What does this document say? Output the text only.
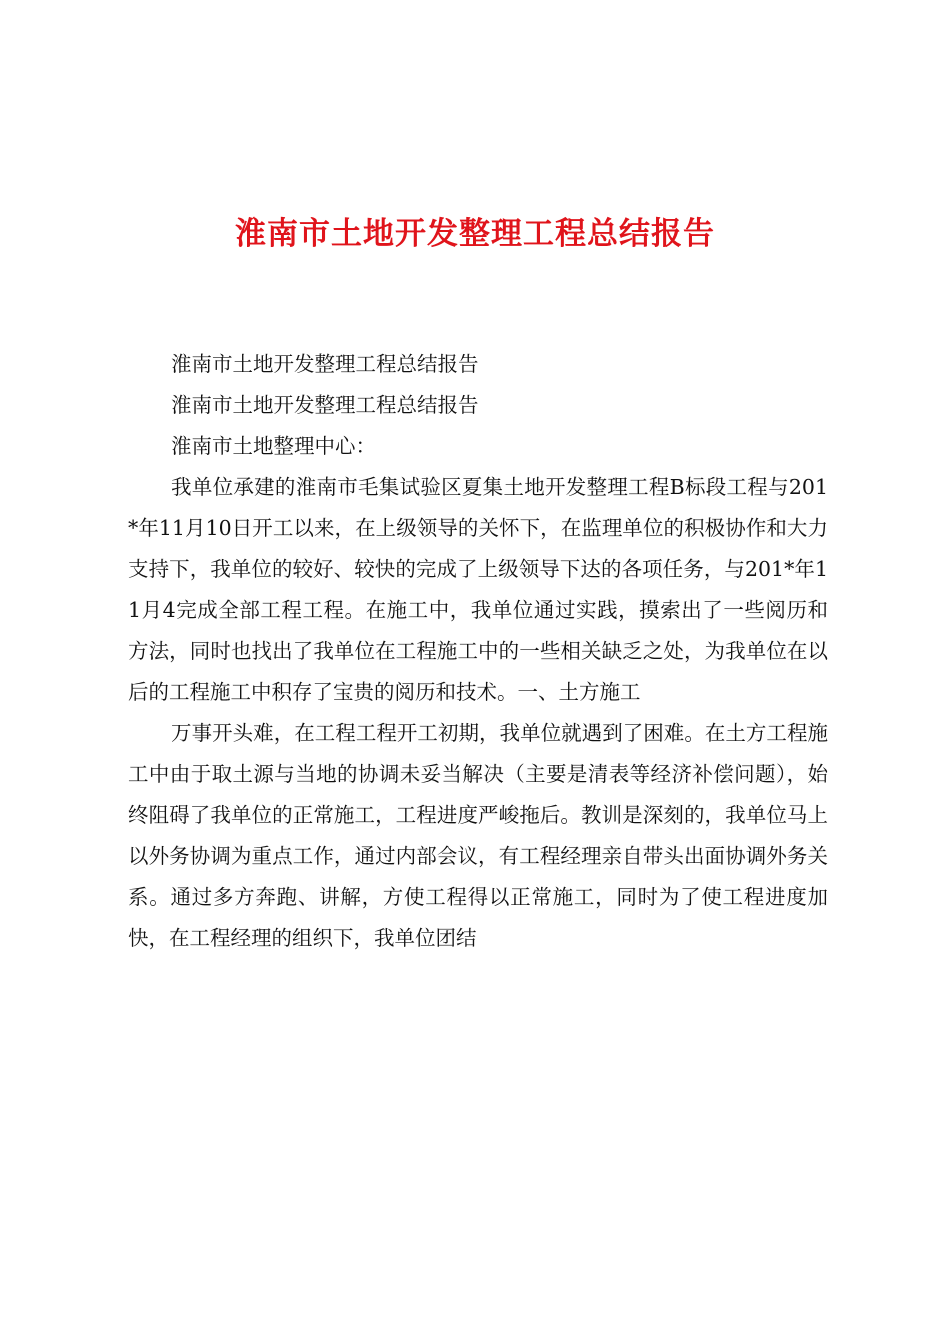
淮南市土地开发整理工程总结报告

淮南市土地开发整理工程总结报告

淮南市土地开发整理工程总结报告

淮南市土地整理中心：

我单位承建的淮南市毛集试验区夏集土地开发整理工程B标段工程与201*年11月10日开工以来，在上级领导的关怀下，在监理单位的积极协作和大力支持下，我单位的较好、较快的完成了上级领导下达的各项任务，与201*年11月4完成全部工程工程。在施工中，我单位通过实践，摸索出了一些阅历和方法，同时也找出了我单位在工程施工中的一些相关缺乏之处，为我单位在以后的工程施工中积存了宝贵的阅历和技术。一、土方施工

万事开头难，在工程工程开工初期，我单位就遇到了困难。在土方工程施工中由于取土源与当地的协调未妥当解决（主要是清表等经济补偿问题），始终阻碍了我单位的正常施工，工程进度严峻拖后。教训是深刻的，我单位马上以外务协调为重点工作，通过内部会议，有工程经理亲自带头出面协调外务关系。通过多方奔跑、讲解，方使工程得以正常施工，同时为了使工程进度加快，在工程经理的组织下，我单位团结
